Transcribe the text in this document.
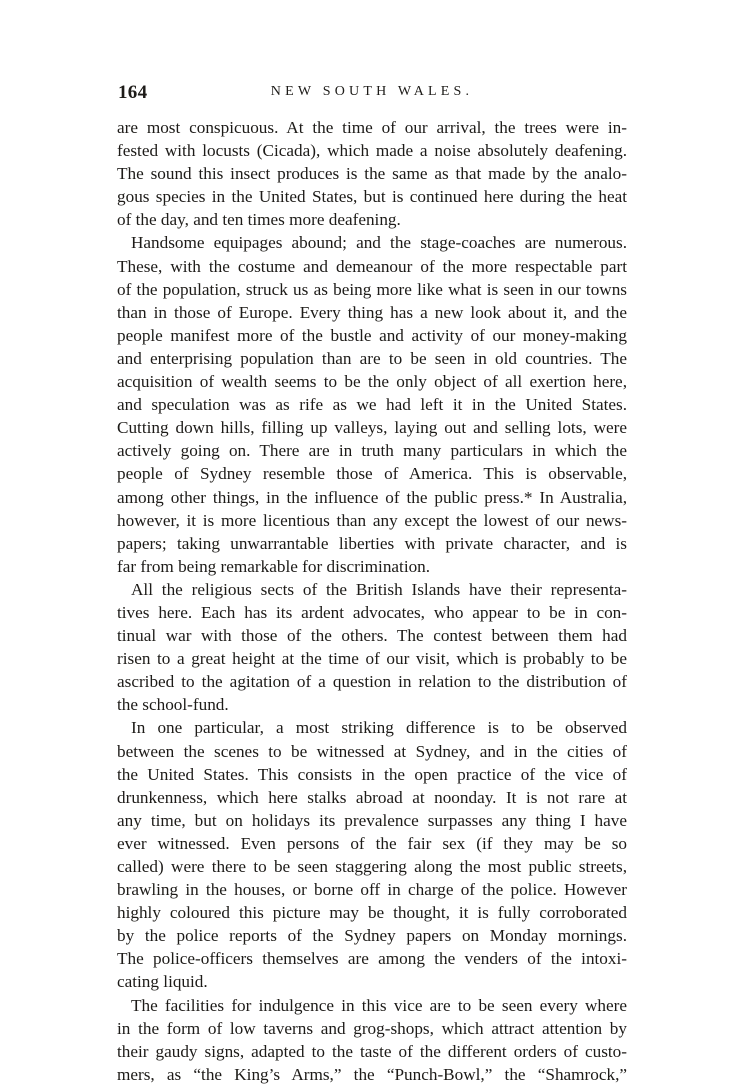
164	NEW SOUTH WALES.
are most conspicuous. At the time of our arrival, the trees were in-
fested with locusts (Cicada), which made a noise absolutely deafening.
The sound this insect produces is the same as that made by the analo-
gous species in the United States, but is continued here during the heat
of the day, and ten times more deafening.
Handsome equipages abound; and the stage-coaches are numerous.
These, with the costume and demeanour of the more respectable part
of the population, struck us as being more like what is seen in our towns
than in those of Europe. Every thing has a new look about it, and the
people manifest more of the bustle and activity of our money-making
and enterprising population than are to be seen in old countries. The
acquisition of wealth seems to be the only object of all exertion here,
and speculation was as rife as we had left it in the United States.
Cutting down hills, filling up valleys, laying out and selling lots, were
actively going on. There are in truth many particulars in which the
people of Sydney resemble those of America. This is observable,
among other things, in the influence of the public press.* In Australia,
however, it is more licentious than any except the lowest of our news-
papers; taking unwarrantable liberties with private character, and is
far from being remarkable for discrimination.
All the religious sects of the British Islands have their representa-
tives here. Each has its ardent advocates, who appear to be in con-
tinual war with those of the others. The contest between them had
risen to a great height at the time of our visit, which is probably to be
ascribed to the agitation of a question in relation to the distribution of
the school-fund.
In one particular, a most striking difference is to be observed
between the scenes to be witnessed at Sydney, and in the cities of
the United States. This consists in the open practice of the vice of
drunkenness, which here stalks abroad at noonday. It is not rare at
any time, but on holidays its prevalence surpasses any thing I have
ever witnessed. Even persons of the fair sex (if they may be so
called) were there to be seen staggering along the most public streets,
brawling in the houses, or borne off in charge of the police. However
highly coloured this picture may be thought, it is fully corroborated
by the police reports of the Sydney papers on Monday mornings.
The police-officers themselves are among the venders of the intoxi-
cating liquid.
The facilities for indulgence in this vice are to be seen every where
in the form of low taverns and grog-shops, which attract attention by
their gaudy signs, adapted to the taste of the different orders of custo-
mers, as “the King’s Arms,” the “Punch-Bowl,” the “Shamrock,”
